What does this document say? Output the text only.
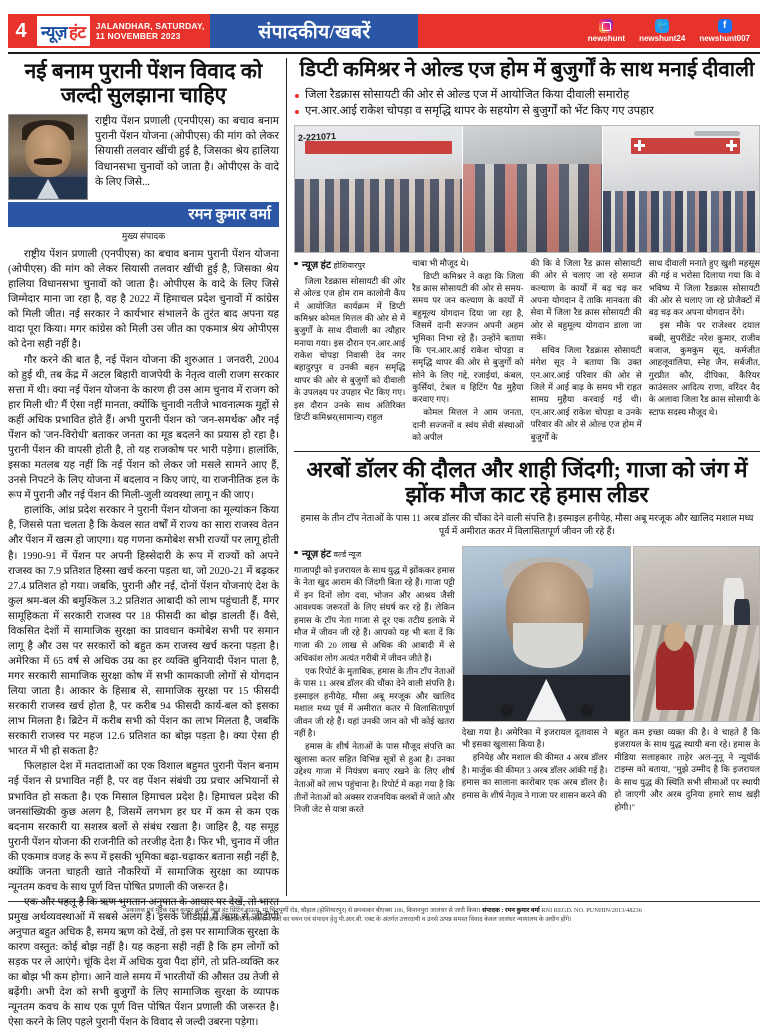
4 न्यूज़ हंट JALANDHAR, SATURDAY,
11 NOVEMBER 2023	संपादकीय/खबरें	newshunt
🐦
newshunt24
f
newshunt007
नई बनाम पुरानी पेंशन विवाद को जल्दी सुलझाना चाहिए
राष्ट्रीय पेंशन प्रणाली (एनपीएस) का बचाव बनाम पुरानी पेंशन योजना (ओपीएस) की मांग को लेकर सियासी तलवार खींची हुई है, जिसका श्रेय हालिया विधानसभा चुनावों को जाता है। ओपीएस के वादे के लिए जिसे...
रमन कुमार वर्मा
मुख्य संपादक

राष्ट्रीय पेंशन प्रणाली (एनपीएस) का बचाव बनाम पुरानी पेंशन योजना (ओपीएस) की मांग को लेकर सियासी तलवार खींची हुई है, जिसका श्रेय हालिया विधानसभा चुनावों को जाता है। ओपीएस के वादे के लिए जिसे जिम्मेदार माना जा रहा है, वह है 2022 में हिमाचल प्रदेश चुनावों में कांग्रेस को मिली जीत। नई सरकार ने कार्यभार संभालने के तुरंत बाद अपना यह वादा पूरा किया। मगर कांग्रेस को मिली उस जीत का एकमात्र श्रेय ओपीएस को देना सही नहीं है।

गौर करने की बात है, नई पेंशन योजना की शुरुआत 1 जनवरी, 2004 को हुई थी, तब केंद्र में अटल बिहारी वाजपेयी के नेतृत्व वाली राजग सरकार सत्ता में थी। क्या नई पेंशन योजना के कारण ही उस आम चुनाव में राजग को हार मिली थी? मैं ऐसा नहीं मानता, क्योंकि चुनावी नतीजे भावनात्मक मुद्दों से कहीं अधिक प्रभावित होते हैं। अभी पुरानी पेंशन को 'जन-समर्थक' और नई पेंशन को 'जन-विरोधी' बताकर जनता का मूड बदलने का प्रयास हो रहा है। पुरानी पेंशन की वापसी होती है, तो यह राजकोष पर भारी पड़ेगा। हालांकि, इसका मतलब यह नहीं कि नई पेंशन को लेकर जो मसले सामने आए हैं, उनसे निपटने के लिए योजना में बदलाव न किए जाएं, या राजनीतिक हल के रूप में पुरानी और नई पेंशन की मिली-जुली व्यवस्था लागू न की जाए।

हालांकि, आंध्र प्रदेश सरकार ने पुरानी पेंशन योजना का मूल्यांकन किया है, जिससे पता चलता है कि केवल सात वर्षों में राज्य का सारा राजस्व वेतन और पेंशन में खत्म हो जाएगा। यह गणना कमोबेश सभी राज्यों पर लागू होती है। 1990-91 में पेंशन पर अपनी हिस्सेदारी के रूप में राज्यों को अपने राजस्व का 7.9 प्रतिशत हिस्सा खर्च करना पड़ता था, जो 2020-21 में बढ़कर 27.4 प्रतिशत हो गया। जबकि, पुरानी और नई, दोनों पेंशन योजनाएं देश के कुल श्रम-बल की बमुश्किल 3.2 प्रतिशत आबादी को लाभ पहुंचाती हैं, मगर सामूहिकता में सरकारी राजस्व पर 18 फीसदी का बोझ डालती हैं। वैसे, विकसित देशों में सामाजिक सुरक्षा का प्रावधान कमोबेश सभी पर समान लागू है और उस पर सरकारों को बहुत कम राजस्व खर्च करना पड़ता है। अमेरिका में 65 वर्ष से अधिक उम्र का हर व्यक्ति बुनियादी पेंशन पाता है, मगर सरकारी सामाजिक सुरक्षा कोष में सभी कामकाजी लोगों से योगदान लिया जाता है। आकार के हिसाब से, सामाजिक सुरक्षा पर 15 फीसदी सरकारी राजस्व खर्च होता है, पर करीब 94 फीसदी कार्य-बल को इसका लाभ मिलता है। ब्रिटेन में करीब सभी को पेंशन का लाभ मिलता है, जबकि सरकारी राजस्व पर महज 12.6 प्रतिशत का बोझ पड़ता है। क्या ऐसा ही भारत में भी हो सकता है?

फिलहाल देश में मतदाताओं का एक विशाल बहुमत पुरानी पेंशन बनाम नई पेंशन से प्रभावित नहीं है, पर वह पेंशन संबंधी उग्र प्रचार अभियानों से प्रभावित हो सकता है। एक मिसाल हिमाचल प्रदेश है। हिमाचल प्रदेश की जनसांख्यिकी कुछ अलग है, जिसमें लगभग हर घर में कम से कम एक बदनाम सरकारी या सशस्त्र बलों से संबंध रखता है। जाहिर है, यह समूह पुरानी पेंशन योजना की राजनीति को तरजीह देता है। फिर भी, चुनाव में जीत की एकमात्र वजह के रूप में इसकी भूमिका बढ़ा-चढ़ाकर बताना सही नहीं है, क्योंकि जनता चाहती खाते नौकरियों में सामाजिक सुरक्षा का व्यापक न्यूनतम कवच के साथ पूर्ण वित्त पोषित प्रणाली की जरूरत है।

एक और पहलू है कि ऋण भुगतान अनुपात के आधार पर देखें, तो भारत प्रमुख अर्थव्यवस्थाओं में सबसे अलग है। इसके जीडीपी में ऋण से जीडीपी अनुपात बहुत अधिक है, समय ऋण को देखें, तो इस पर सामाजिक सुरक्षा के कारण वस्तुत: कोई बोझ नहीं है। यह कहना सही नहीं है कि हम लोगों को सड़क पर ले आएंगे। चूंकि देश में अधिक युवा पैदा होंगे, तो प्रति-व्यक्ति कर का बोझ भी कम होगा। आने वाले समय में भारतीयों की औसत उम्र तेजी से बढ़ेंगी। अभी देश को सभी बुजुर्गों के लिए सामाजिक सुरक्षा के व्यापक न्यूनतम कवच के साथ एक पूर्ण वित्त पोषित पेंशन प्रणाली की जरूरत है। ऐसा करने के लिए पहले पुरानी पेंशन के विवाद से जल्दी उबरना पड़ेगा।

डिप्टी कमिश्रर ने ओल्ड एज होम में बुजुर्गों के साथ मनाई दीवाली
जिला रैडक्रास सोसायटी की ओर से ओल्ड एज में आयोजित किया दीवाली समारोह
एन.आर.आई राकेश चोपड़ा व समृद्धि थापर के सहयोग से बुजुर्गों को भेंट किए गए उपहार
2-221071
न्यूज़ हंट होशियारपुर

जिला रैडक्रास सोसायटी की ओर से ओल्ड एज होम राम कालोनी कैंप में आयोजित कार्यक्रम में डिप्टी कमिश्नर कोमल मित्तल की ओर से में बुजुर्गों के साथ दीवाली का त्यौहार मनाया गया। इस दौरान एन.आर.आई राकेश चोपड़ा निवासी देव नगर बहादुरपुर व उनकी बहन समृद्धि थापर की ओर से बुजुर्गों को दीवाली के उपलक्ष्य पर उपहार भेंट किए गए। इस दौरान उनके साथ अतिरिक्त डिप्टी कमिश्नर(सामान्य) राहुल

चाबा भी मौजूद थे।

डिप्टी कमिश्नर ने कहा कि जिला रैड क्रास सोसायटी की ओर से समय-समय पर जन कल्याण के कार्यों में बहुमूल्य योगदान दिया जा रहा है, जिसमें दानी सज्जन अपनी अहम भूमिका निभा रहे हैं। उन्होंने बताया कि एन.आर.आई राकेश चोपड़ा व समृद्धि थापर की ओर से बुजुर्गों को सोने के लिए गद्दे, रजाईयां, कंबल, कुर्सियां, टेबल व हिटिंग पैड मुहैया करवाए गए।

कोमल मित्तल ने आम जनता, दानी सज्जनों व स्वंय सेवी संस्थाओं को अपील

की कि वे जिला रैड क्रास सोसायटी की ओर से चलाए जा रहे समाज कल्याण के कार्यों में बढ़ चढ़ कर अपना योगदान दें ताकि मानवता की सेवा में जिला रैड क्रास सोसायटी की ओर से बहुमूल्य योगदान डाला जा सके।

सचिव जिला रैडक्रास सोसायटी मंगेश सूद ने बताया कि उक्त एन.आर.आई परिवार की ओर से जिले में आई बाढ़ के समय भी राहत सामग्र मुहैया करवाई गई थी। एन.आर.आई राकेश चोपड़ा व उनके परिवार की ओर से ओल्ड एज होम में बुजुर्गों के

साथ दीवाली मनाते हुए खुशी महसूस की गई व भरोसा दिलाया गया कि वे भविष्य में जिला रैडक्रास सोसायटी की ओर से चलाए जा रहे प्रोजैक्टों में बढ़ चढ़ कर अपना योगदान देंगे।

इस मौके पर राजेश्वर दयाल बब्बी, सुपरींडेंट नरेश कुमार, राजीव बजाज, कुमकुम सूद, कर्मजीत आहलूवालिया, स्नेह जैन, सर्बजीत, गुरप्रीत कौर, दीपिका, कैरियर काउंसलर आदित्य राणा, वरिंदर वैद के अलावा जिला रैड क्रास सोसायी के स्टाफ सदस्य मौजूद थे।

अरबों डॉलर की दौलत और शाही जिंदगी; गाजा को जंग में झोंक मौज काट रहे हमास लीडर
हमास के तीन टॉप नेताओं के पास 11 अरब डॉलर की चौंका देने वाली संपत्ति है। इस्माइल हनीयेह, मौसा अबू मरजूक और खालिद मशाल मध्य पूर्व में अमीरात कतर में विलासितापूर्ण जीवन जी रहे हैं।
न्यूज़ हंट वर्ल्ड न्यूज

गाजापट्टी को इजरायल के साथ युद्ध में झोंककर हमास के नेता खुद आराम की जिंदगी बिता रहे हैं। गाजा पट्टी में इन दिनों लोग दवा, भोजन और आश्रय जैसी आवश्यक जरूरतों के लिए संघर्ष कर रहे हैं। लेकिन हमास के टॉप नेता गाजा से दूर एक तटीय इलाके में मौज में जीवन जी रहे हैं। आपको यह भी बता दें कि गाजा की 20 लाख से अधिक की आबादी में से अधिकांश लोग अत्यंत गरीबी में जीवन जीते हैं।

एक रिपोर्ट के मुताबिक, हमास के तीन टॉप नेताओं के पास 11 अरब डॉलर की चौंका देने वाली संपत्ति है। इस्माइल हनीयेह, मौसा अबू मरजूक और खालिद मशाल मध्य पूर्व में अमीरात कतर में विलासितापूर्ण जीवन जी रहे हैं। यहां उनकी जान को भी कोई खतरा नहीं है।

हमास के शीर्ष नेताओं के पास मौजूद संपत्ति का खुलासा कतर सहित विभिन्न सूत्रों से हुआ है। उनका उद्देश्य गाजा में नियंत्रण बनाए रखने के लिए शीर्ष नेताओं को लाभ पहुंचाना है। रिपोर्ट में कहा गया है कि तीनों नेताओं को अक्सर राजनयिक क्लबों में जाते और निजी जेट से यात्रा करते

देखा गया है। अमेरिका में इजरायल दूतावास ने भी इसका खुलासा किया है।

हनियेह और मशाल की कीमत 4 अरब डॉलर है। मार्जुक की कीमत 3 अरब डॉलर आंकी गई है। हमास का सालाना कारोबार एक अरब डॉलर है। हमास के शीर्ष नेतृत्व ने गाजा पर शासन करने की

बहुत कम इच्छा व्यक्त की है। वे चाहते हैं कि इजरायल के साथ युद्ध स्थायी बना रहे। हमास के मीडिया सलाहकार ताहेर अल-नूनू ने न्यूयॉर्क टाइम्स को बताया, "मुझे उम्मीद है कि इजरायल के साथ युद्ध की स्थिति सभी सीमाओं पर स्थायी हो जाएगी और अरब दुनिया हमारे साथ खड़ी होगी।"

प्रकाशक एवं मुद्रक रमन कुमार वर्मा ने न्यूज़ हंट प्रिंटिंग हाऊस, मां चिंतपूर्णी रोड, चौहाल (होशियारपुर) से छपवाकर बीएक्स 106, किशनपुरा जालंधर से जारी किया। संपादक : रमन कुमार वर्मा RNI REGD. NO. PUNHIN/2013/48236
*इस अंक में प्रकाशित समस्त समाचारों का चयन एवं संपादन हेतु पी.आर.बी. एक्ट के अंतर्गत उत्तरदायी व उनसे उत्पन्न समस्त विवाद केवल जालंधर न्यायालय के अधीन होंगे।
